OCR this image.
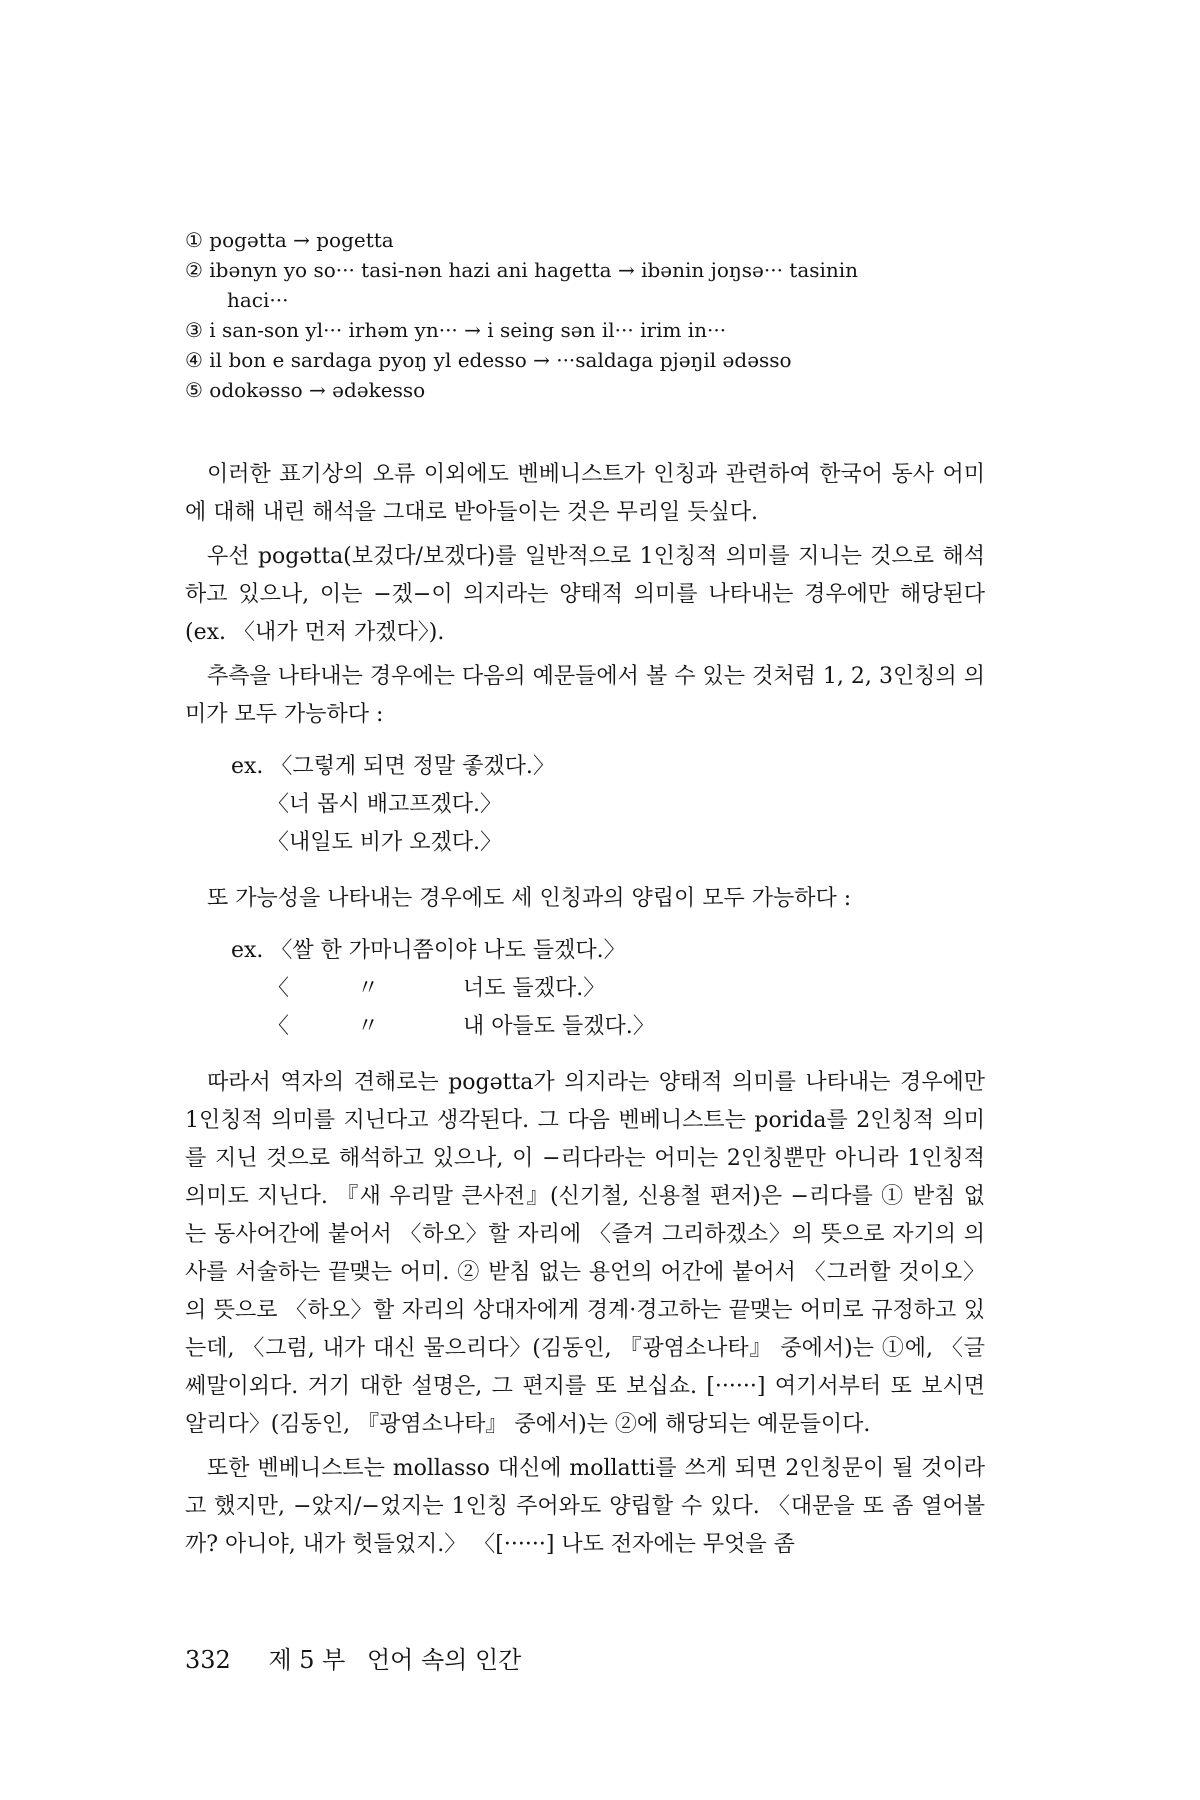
① pogətta → pogetta
② ibənyn yo so··· tasi-nən hazi ani hagetta → ibənin joŋsə··· tasinin
haci···
③ i san-son yl··· irhəm yn··· → i seing sən il··· irim in···
④ il bon e sardaga pyoŋ yl edesso → ···saldaga pjəŋil ədəsso
⑤ odokəsso → ədəkesso

이러한 표기상의 오류 이외에도 벤베니스트가 인칭과 관련하여 한국어 동사 어미에 대해 내린 해석을 그대로 받아들이는 것은 무리일 듯싶다.

우선 pogətta(보겄다/보겠다)를 일반적으로 1인칭적 의미를 지니는 것으로 해석하고 있으나, 이는 −겠−이 의지라는 양태적 의미를 나타내는 경우에만 해당된다(ex. 〈내가 먼저 가겠다〉).

추측을 나타내는 경우에는 다음의 예문들에서 볼 수 있는 것처럼 1, 2, 3인칭의 의미가 모두 가능하다 :

ex. 〈그렇게 되면 정말 좋겠다.〉
〈너 몹시 배고프겠다.〉
〈내일도 비가 오겠다.〉

또 가능성을 나타내는 경우에도 세 인칭과의 양립이 모두 가능하다 :

ex. 〈쌀 한 가마니쯤이야 나도 들겠다.〉
〈	〃	너도 들겠다.〉
〈	〃	내 아들도 들겠다.〉

따라서 역자의 견해로는 pogətta가 의지라는 양태적 의미를 나타내는 경우에만 1인칭적 의미를 지닌다고 생각된다. 그 다음 벤베니스트는 porida를 2인칭적 의미를 지닌 것으로 해석하고 있으나, 이 −리다라는 어미는 2인칭뿐만 아니라 1인칭적 의미도 지닌다. 『새 우리말 큰사전』(신기철, 신용철 편저)은 −리다를 ① 받침 없는 동사어간에 붙어서 〈하오〉할 자리에 〈즐겨 그리하겠소〉의 뜻으로 자기의 의사를 서술하는 끝맺는 어미. ② 받침 없는 용언의 어간에 붙어서 〈그러할 것이오〉의 뜻으로 〈하오〉할 자리의 상대자에게 경계·경고하는 끝맺는 어미로 규정하고 있는데, 〈그럼, 내가 대신 물으리다〉(김동인, 『광염소나타』 중에서)는 ①에, 〈글쎄말이외다. 거기 대한 설명은, 그 편지를 또 보십쇼. [······] 여기서부터 또 보시면 알리다〉(김동인, 『광염소나타』 중에서)는 ②에 해당되는 예문들이다.

또한 벤베니스트는 mollasso 대신에 mollatti를 쓰게 되면 2인칭문이 될 것이라고 했지만, −았지/−었지는 1인칭 주어와도 양립할 수 있다. 〈대문을 또 좀 열어볼까? 아니야, 내가 헛들었지.〉 〈[······] 나도 전자에는 무엇을 좀

332 제 5 부 언어 속의 인간
